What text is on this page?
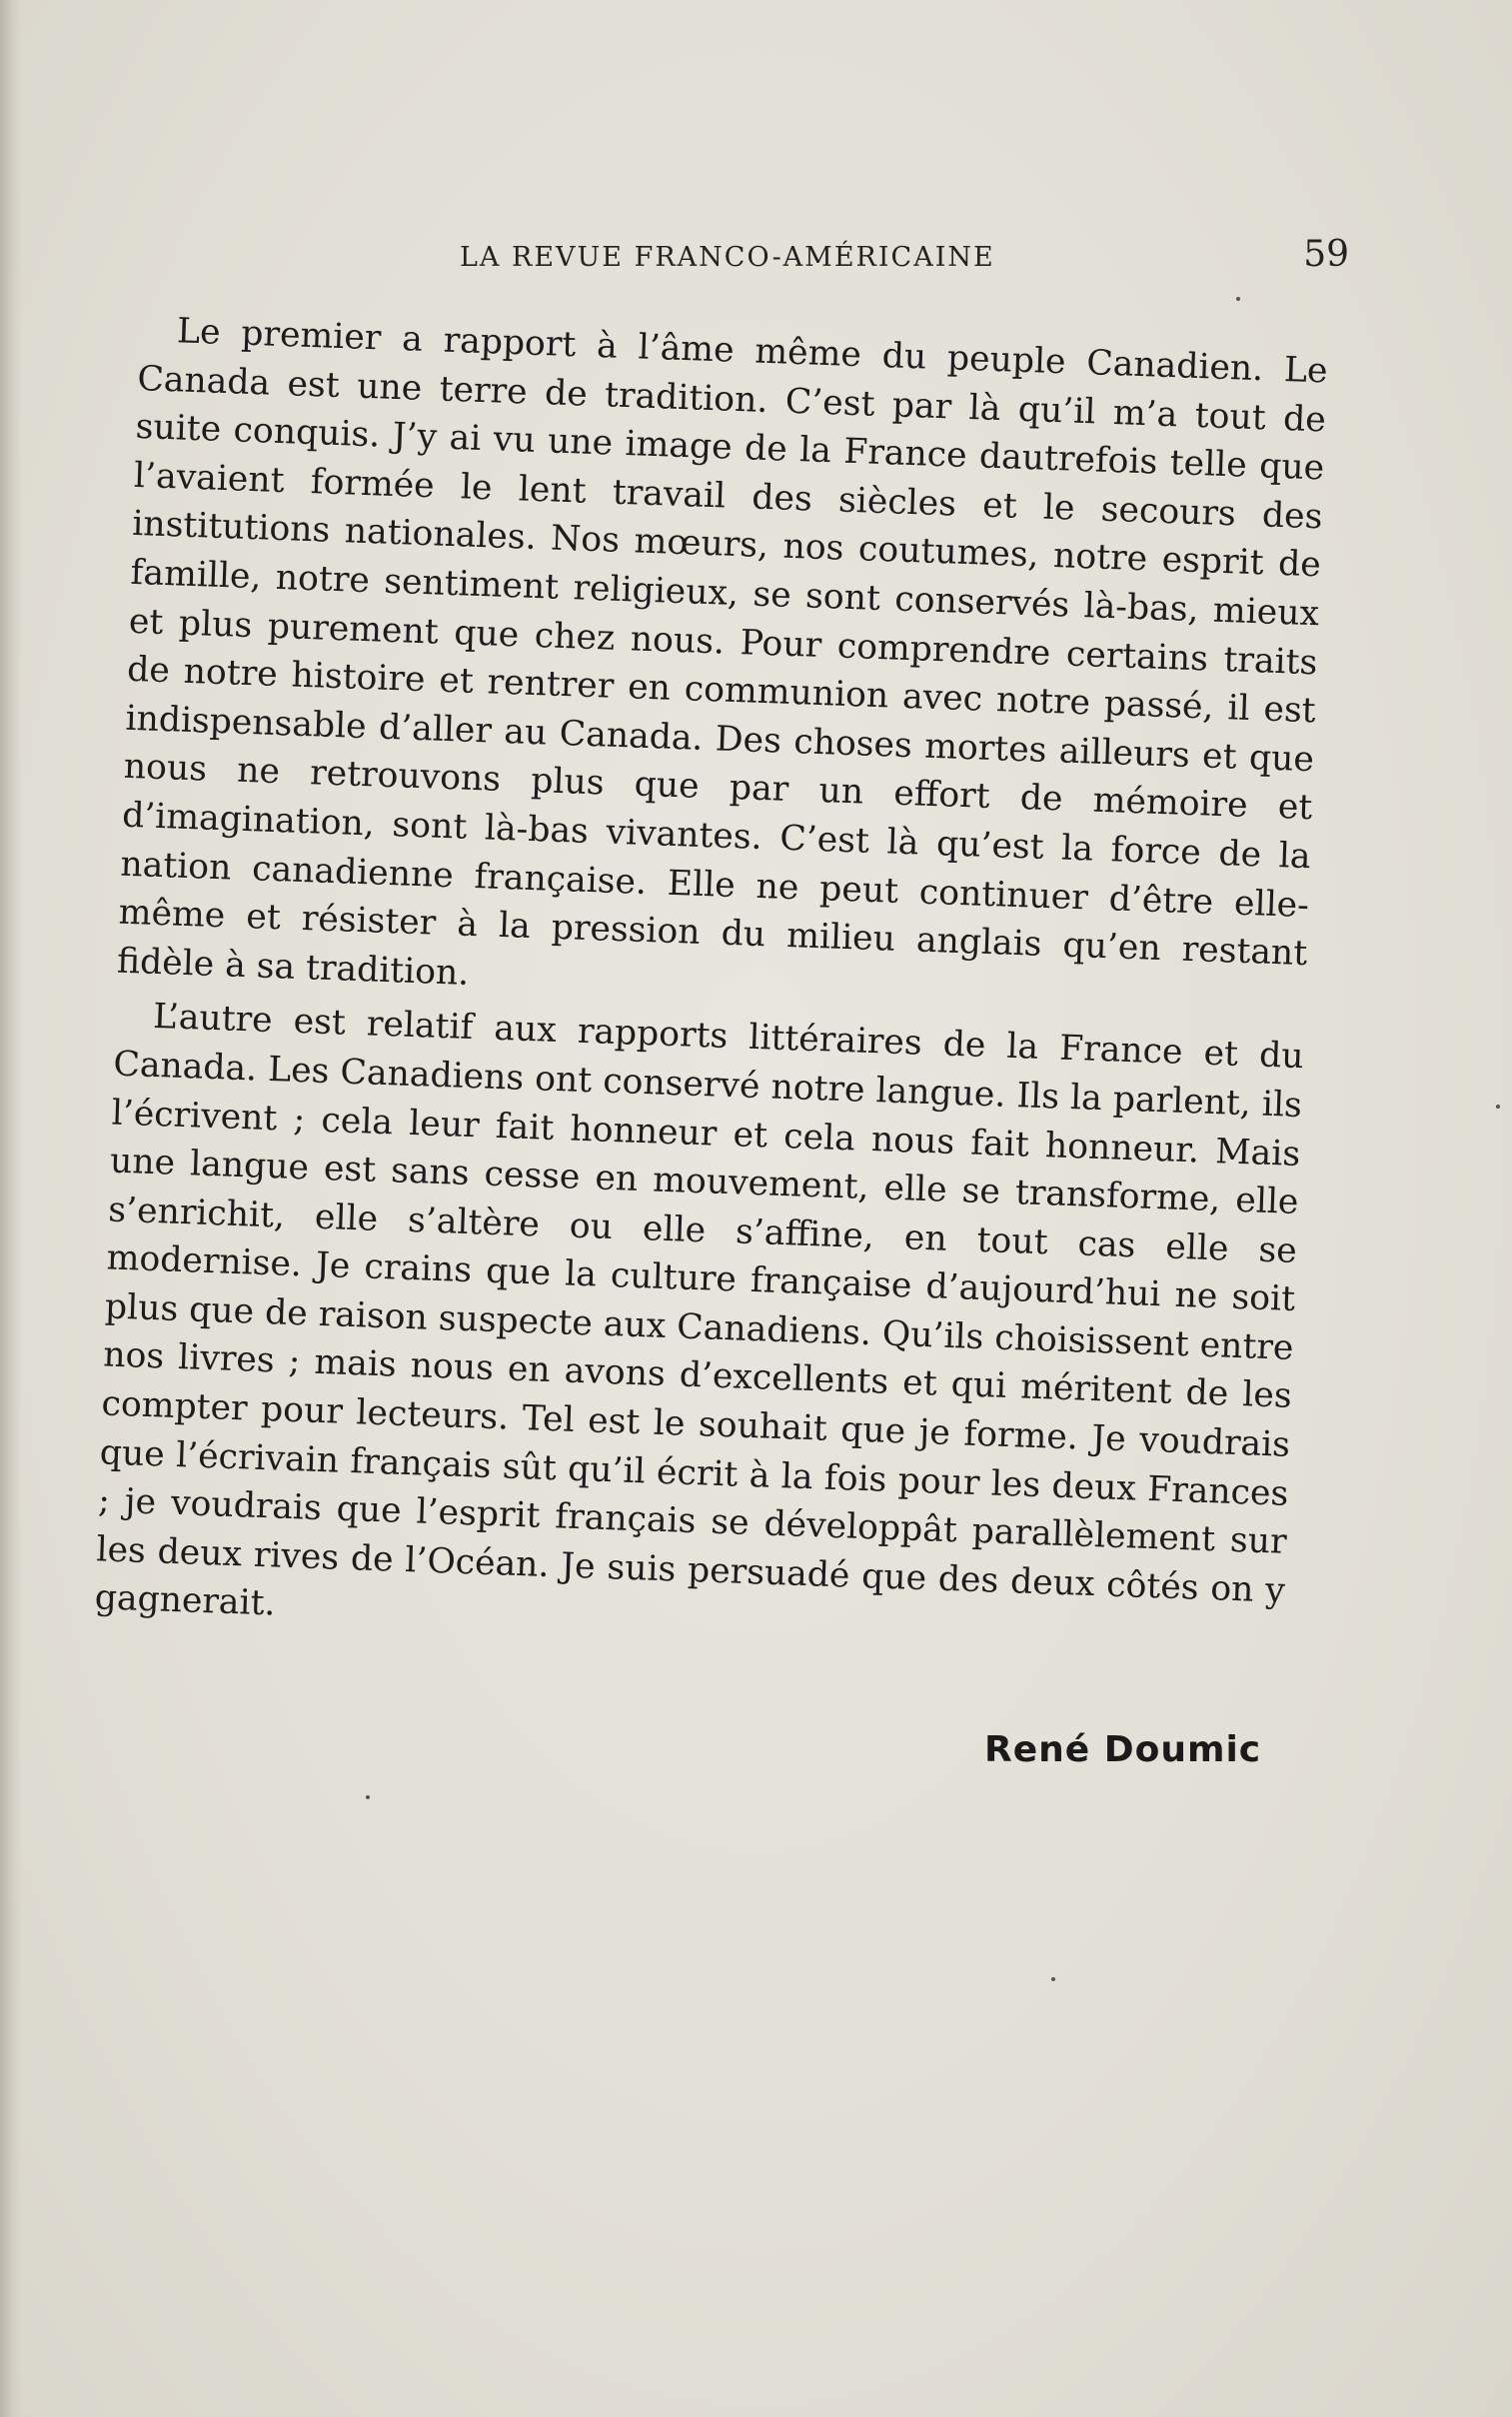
LA REVUE FRANCO-AMÉRICAINE	59

Le premier a rapport à l’âme même du peuple Canadien. Le Canada est une terre de tradition. C’est par là qu’il m’a tout de suite conquis. J’y ai vu une image de la France dautrefois telle que l’avaient formée le lent travail des siècles et le secours des institutions nationales. Nos mœurs, nos coutumes, notre esprit de famille, notre sentiment religieux, se sont conservés là-bas, mieux et plus purement que chez nous. Pour comprendre certains traits de notre histoire et rentrer en communion avec notre passé, il est indispensable d’aller au Canada. Des choses mortes ailleurs et que nous ne retrouvons plus que par un effort de mémoire et d’imagination, sont là-bas vivantes. C’est là qu’est la force de la nation canadienne française. Elle ne peut continuer d’être elle-même et résister à la pression du milieu anglais qu’en restant fidèle à sa tradition.

L’autre est relatif aux rapports littéraires de la France et du Canada. Les Canadiens ont conservé notre langue. Ils la parlent, ils l’écrivent ; cela leur fait honneur et cela nous fait honneur. Mais une langue est sans cesse en mouvement, elle se transforme, elle s’enrichit, elle s’altère ou elle s’affine, en tout cas elle se modernise. Je crains que la culture française d’aujourd’hui ne soit plus que de raison suspecte aux Canadiens. Qu’ils choisissent entre nos livres ; mais nous en avons d’excellents et qui méritent de les compter pour lecteurs. Tel est le souhait que je forme. Je voudrais que l’écrivain français sût qu’il écrit à la fois pour les deux Frances ; je voudrais que l’esprit français se développât parallèlement sur les deux rives de l’Océan. Je suis persuadé que des deux côtés on y gagnerait.

René Doumic
